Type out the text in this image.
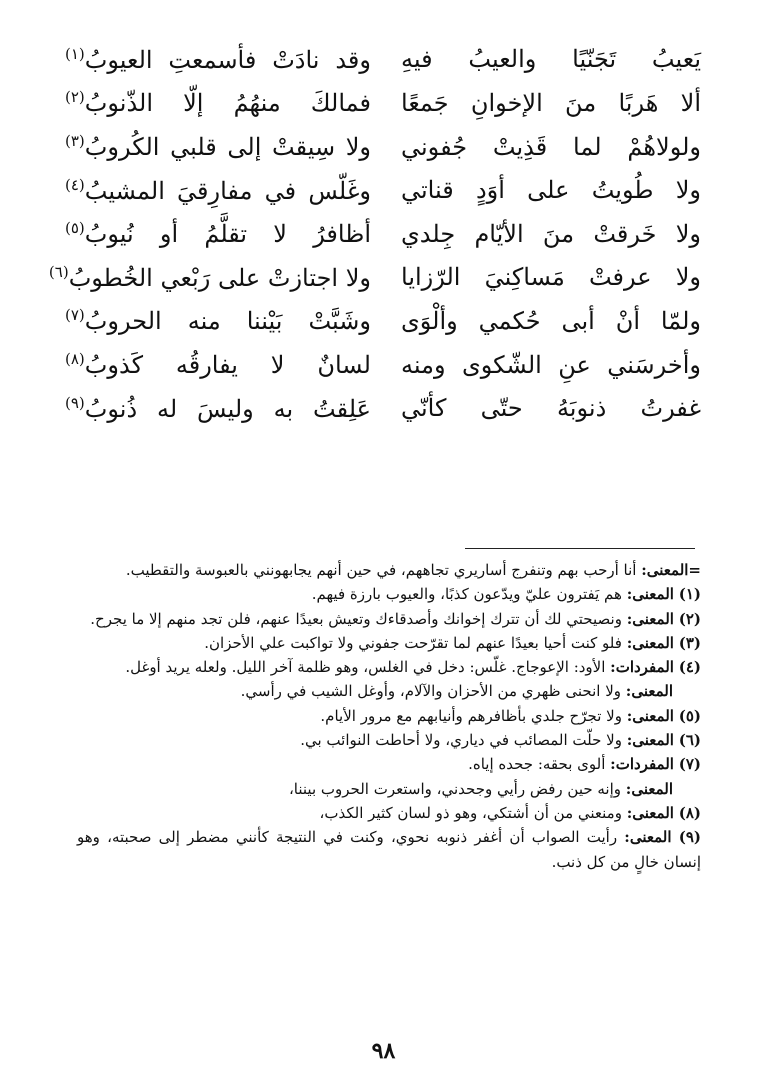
يَعيبُ تَجَنّيًا والعيبُ فيهِ
وقد نادَتْ فأسمعتِ العيوبُ$^{(١)}$
ألا هَربًا منَ الإخوانِ جَمعًا
فمالكَ منهُمُ إلّا الذّنوبُ$^{(٢)}$
ولولاهُمْ لما قَذِيتْ جُفوني
ولا سِيقتْ إلى قلبي الكُروبُ$^{(٣)}$
ولا طُويتُ على أوَدٍ قناتي
وغَلّس في مفارِقيَ المشيبُ$^{(٤)}$
ولا خَرقتْ منَ الأيّام جِلدي
أظافرُ لا تقلَّمُ أو نُيوبُ$^{(٥)}$
ولا عرفتْ مَساكِنيَ الرّزايا
ولا اجتازتْ على رَبْعي الخُطوبُ$^{(٦)}$
ولمّا أنْ أبى حُكمي وألْوَى
وشَبَّتْ بَيْننا منه الحروبُ$^{(٧)}$
وأخرسَني عنِ الشّكوى ومنه
لسانٌ لا يفارقُه كَذوبُ$^{(٨)}$
غفرتُ ذنوبَهُ حتّى كأنّي
عَلِقتُ به وليسَ له ذُنوبُ$^{(٩)}$
=المعنى: أنا أرحب بهم وتنفرج أساريري تجاههم، في حين أنهم يجابهونني بالعبوسة والتقطيب.
(١) المعنى: هم يَفترون عليّ ويدّعون كذبًا، والعيوب بارزة فيهم.
(٢) المعنى: ونصيحتي لك أن تترك إخوانك وأصدقاءك وتعيش بعيدًا عنهم، فلن تجد منهم إلا ما يجرح.
(٣) المعنى: فلو كنت أحيا بعيدًا عنهم لما تقرّحت جفوني ولا تواكبت علي الأحزان.
(٤) المفردات: الأود: الإعوجاج. غلّس: دخل في الغلس، وهو ظلمة آخر الليل. ولعله يريد أوغل.
المعنى: ولا انحنى ظهري من الأحزان والآلام، وأوغل الشيب في رأسي.
(٥) المعنى: ولا تجرّح جلدي بأظافرهم وأنيابهم مع مرور الأيام.
(٦) المعنى: ولا حلّت المصائب في دياري، ولا أحاطت النوائب بي.
(٧) المفردات: ألوى بحقه: جحده إياه.
المعنى: وإنه حين رفض رأيي وجحدني، واستعرت الحروب بيننا،
(٨) المعنى: ومنعني من أن أشتكي، وهو ذو لسان كثير الكذب،
(٩) المعنى: رأيت الصواب أن أغفر ذنوبه نحوي، وكنت في النتيجة كأنني مضطر إلى صحبته، وهو إنسان خالٍ من كل ذنب.
٩٨
